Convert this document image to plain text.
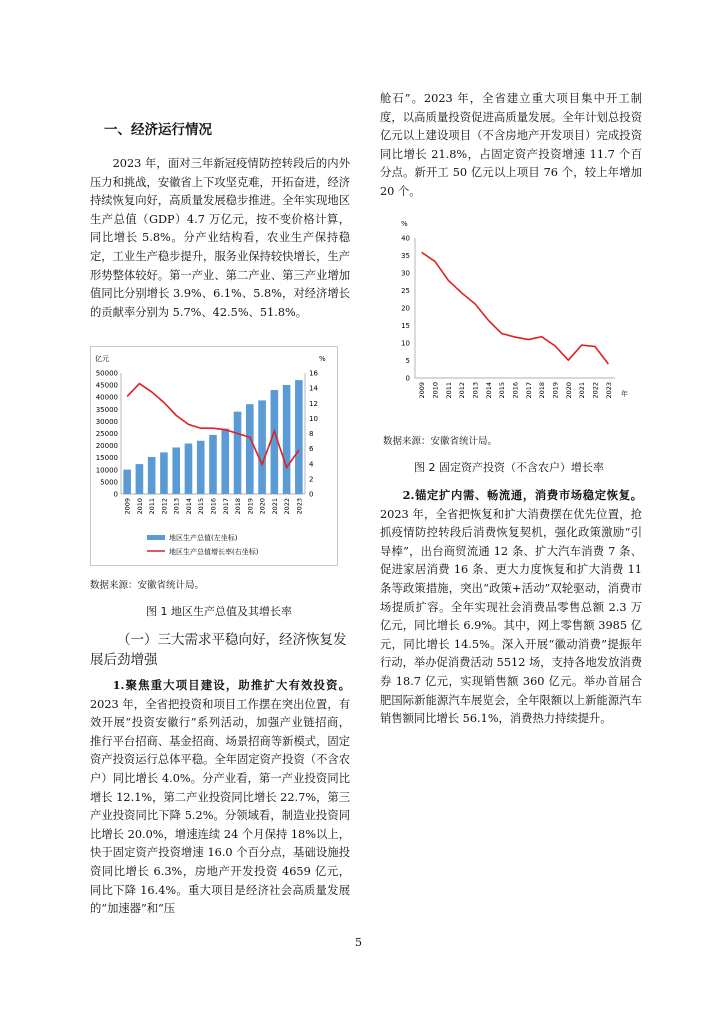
一、经济运行情况

2023 年，面对三年新冠疫情防控转段后的内外压力和挑战，安徽省上下攻坚克难，开拓奋进，经济持续恢复向好，高质量发展稳步推进。全年实现地区生产总值（GDP）4.7 万亿元，按不变价格计算，同比增长 5.8%。分产业结构看，农业生产保持稳定，工业生产稳步提升，服务业保持较快增长，生产形势整体较好。第一产业、第二产业、第三产业增加值同比分别增长 3.9%、6.1%、5.8%，对经济增长的贡献率分别为 5.7%、42.5%、51.8%。

亿元	%
0
5000
10000
15000
20000
25000
30000
35000
40000
45000
50000
0
2
4
6
8
10
12
14
16
2009 2010 2011 2012 2013 2014 2015 2016 2017 2018 2019 2020 2021 2022 2023
地区生产总值(左坐标)
地区生产总值增长率(右坐标)
数据来源：安徽省统计局。
图 1 地区生产总值及其增长率
（一）三大需求平稳向好，经济恢复发展后劲增强

1.聚焦重大项目建设，助推扩大有效投资。2023 年，全省把投资和项目工作摆在突出位置，有效开展“投资安徽行”系列活动，加强产业链招商，推行平台招商、基金招商、场景招商等新模式，固定资产投资运行总体平稳。全年固定资产投资（不含农户）同比增长 4.0%。分产业看，第一产业投资同比增长 12.1%，第二产业投资同比增长 22.7%，第三产业投资同比下降 5.2%。分领域看，制造业投资同比增长 20.0%，增速连续 24 个月保持 18%以上，快于固定资产投资增速 16.0 个百分点，基础设施投资同比增长 6.3%，房地产开发投资 4659 亿元，同比下降 16.4%。重大项目是经济社会高质量发展的“加速器”和“压

舱石”。2023 年，全省建立重大项目集中开工制度，以高质量投资促进高质量发展。全年计划总投资亿元以上建设项目（不含房地产开发项目）完成投资同比增长 21.8%，占固定资产投资增速 11.7 个百分点。新开工 50 亿元以上项目 76 个，较上年增加 20 个。

%
0
5
10
15
20
25
30
35
40
2009 2010 2011 2012 2013 2014 2015 2016 2017 2018 2019 2020 2021 2022 2023 年
数据来源：安徽省统计局。
图 2 固定资产投资（不含农户）增长率

2.锚定扩内需、畅流通，消费市场稳定恢复。2023 年，全省把恢复和扩大消费摆在优先位置，抢抓疫情防控转段后消费恢复契机，强化政策激励“引导棒”，出台商贸流通 12 条、扩大汽车消费 7 条、促进家居消费 16 条、更大力度恢复和扩大消费 11 条等政策措施，突出“政策+活动”双轮驱动，消费市场提质扩容。全年实现社会消费品零售总额 2.3 万亿元，同比增长 6.9%。其中，网上零售额 3985 亿元，同比增长 14.5%。深入开展“徽动消费”提振年行动，举办促消费活动 5512 场，支持各地发放消费券 18.7 亿元，实现销售额 360 亿元。举办首届合肥国际新能源汽车展览会，全年限额以上新能源汽车销售额同比增长 56.1%，消费热力持续提升。

5
